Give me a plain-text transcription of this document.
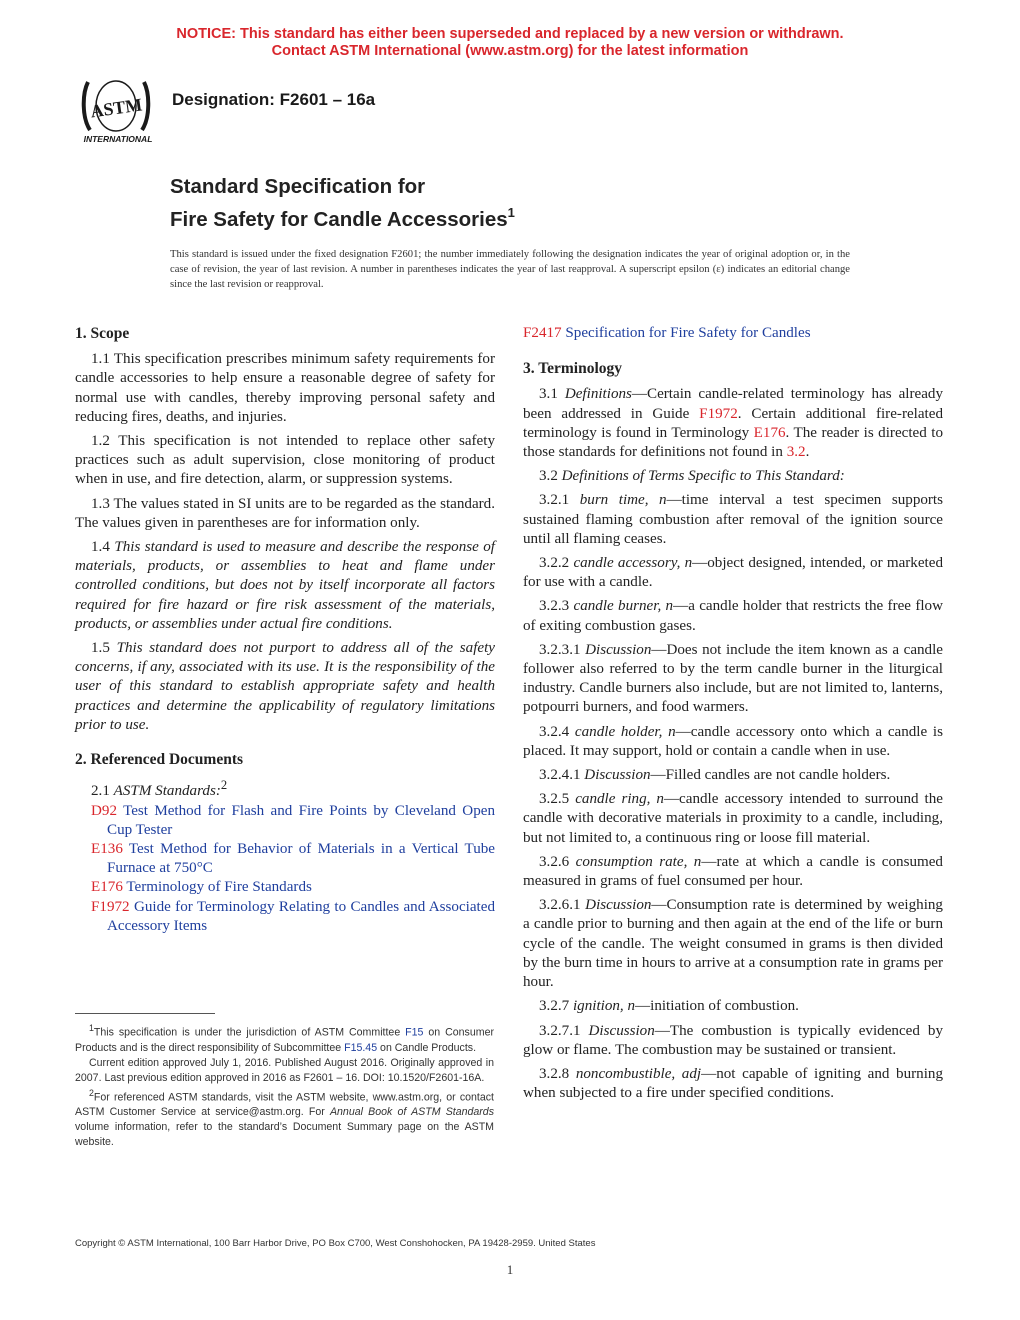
NOTICE: This standard has either been superseded and replaced by a new version or withdrawn.
Contact ASTM International (www.astm.org) for the latest information
ASTM
INTERNATIONAL
Designation: F2601 – 16a
Standard Specification for
Fire Safety for Candle Accessories$^1$
This standard is issued under the fixed designation F2601; the number immediately following the designation indicates the year of original adoption or, in the case of revision, the year of last revision. A number in parentheses indicates the year of last reapproval. A superscript epsilon (ε) indicates an editorial change since the last revision or reapproval.
1. Scope

1.1 This specification prescribes minimum safety requirements for candle accessories to help ensure a reasonable degree of safety for normal use with candles, thereby improving personal safety and reducing fires, deaths, and injuries.

1.2 This specification is not intended to replace other safety practices such as adult supervision, close monitoring of product when in use, and fire detection, alarm, or suppression systems.

1.3 The values stated in SI units are to be regarded as the standard. The values given in parentheses are for information only.

1.4 This standard is used to measure and describe the response of materials, products, or assemblies to heat and flame under controlled conditions, but does not by itself incorporate all factors required for fire hazard or fire risk assessment of the materials, products, or assemblies under actual fire conditions.

1.5 This standard does not purport to address all of the safety concerns, if any, associated with its use. It is the responsibility of the user of this standard to establish appropriate safety and health practices and determine the applicability of regulatory limitations prior to use.

2. Referenced Documents

2.1 ASTM Standards:$^2$

D92 Test Method for Flash and Fire Points by Cleveland Open Cup Tester
E136 Test Method for Behavior of Materials in a Vertical Tube Furnace at 750°C
E176 Terminology of Fire Standards
F1972 Guide for Terminology Relating to Candles and Associated Accessory Items

$^1$This specification is under the jurisdiction of ASTM Committee F15 on Consumer Products and is the direct responsibility of Subcommittee F15.45 on Candle Products.

Current edition approved July 1, 2016. Published August 2016. Originally approved in 2007. Last previous edition approved in 2016 as F2601 – 16. DOI: 10.1520/F2601-16A.

$^2$For referenced ASTM standards, visit the ASTM website, www.astm.org, or contact ASTM Customer Service at service@astm.org. For Annual Book of ASTM Standards volume information, refer to the standard’s Document Summary page on the ASTM website.

F2417 Specification for Fire Safety for Candles
3. Terminology

3.1 Definitions—Certain candle-related terminology has already been addressed in Guide F1972. Certain additional fire-related terminology is found in Terminology E176. The reader is directed to those standards for definitions not found in 3.2.

3.2 Definitions of Terms Specific to This Standard:

3.2.1 burn time, n—time interval a test specimen supports sustained flaming combustion after removal of the ignition source until all flaming ceases.

3.2.2 candle accessory, n—object designed, intended, or marketed for use with a candle.

3.2.3 candle burner, n—a candle holder that restricts the free flow of exiting combustion gases.

3.2.3.1 Discussion—Does not include the item known as a candle follower also referred to by the term candle burner in the liturgical industry. Candle burners also include, but are not limited to, lanterns, potpourri burners, and food warmers.

3.2.4 candle holder, n—candle accessory onto which a candle is placed. It may support, hold or contain a candle when in use.

3.2.4.1 Discussion—Filled candles are not candle holders.

3.2.5 candle ring, n—candle accessory intended to surround the candle with decorative materials in proximity to a candle, including, but not limited to, a continuous ring or loose fill material.

3.2.6 consumption rate, n—rate at which a candle is consumed measured in grams of fuel consumed per hour.

3.2.6.1 Discussion—Consumption rate is determined by weighing a candle prior to burning and then again at the end of the life or burn cycle of the candle. The weight consumed in grams is then divided by the burn time in hours to arrive at a consumption rate in grams per hour.

3.2.7 ignition, n—initiation of combustion.

3.2.7.1 Discussion—The combustion is typically evidenced by glow or flame. The combustion may be sustained or transient.

3.2.8 noncombustible, adj—not capable of igniting and burning when subjected to a fire under specified conditions.

Copyright © ASTM International, 100 Barr Harbor Drive, PO Box C700, West Conshohocken, PA 19428-2959. United States
1
